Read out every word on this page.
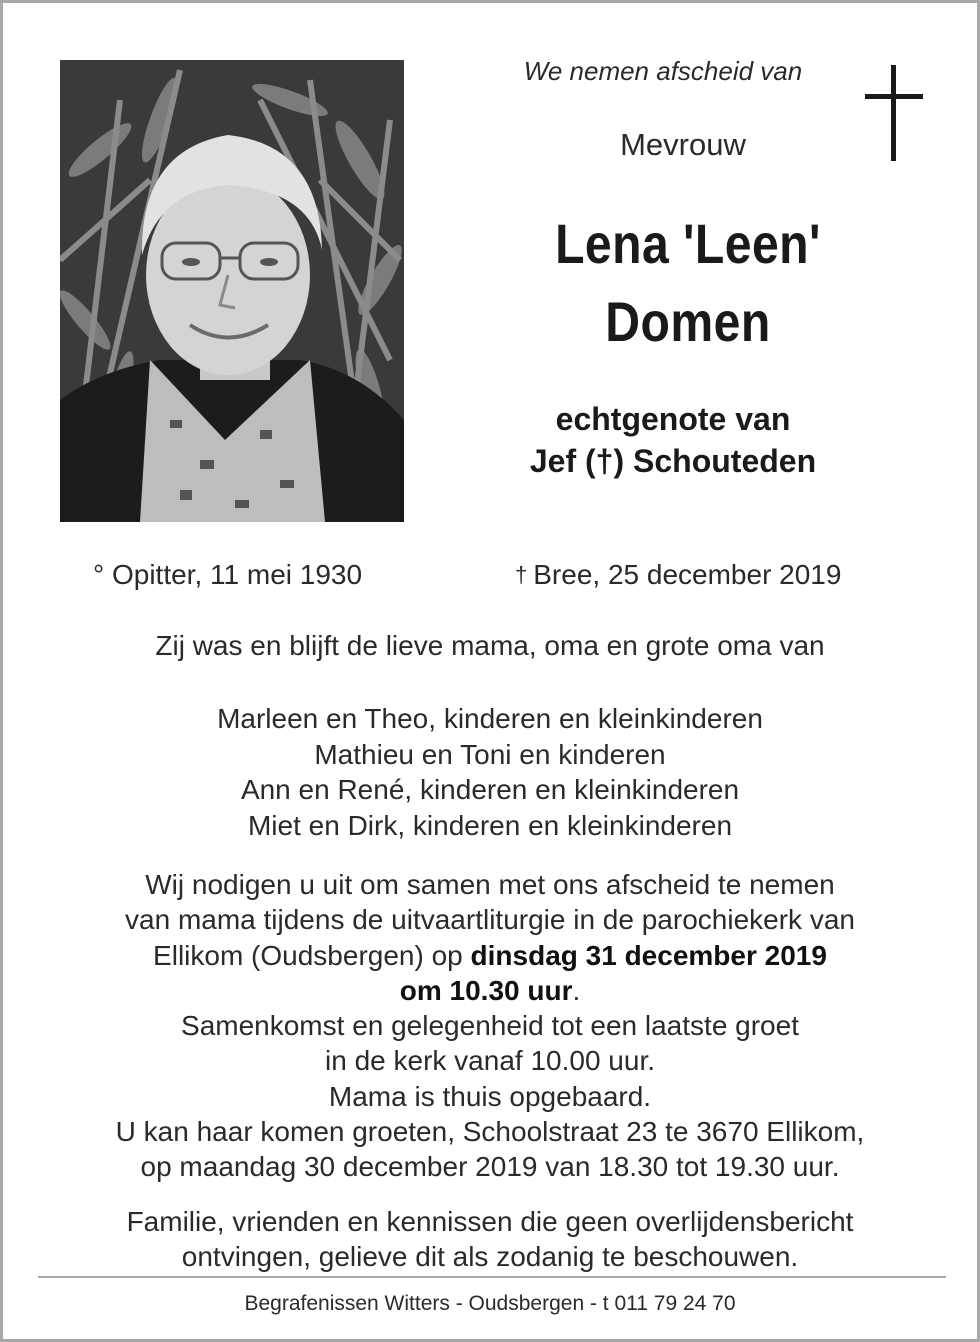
We nemen afscheid van
Mevrouw
Lena 'Leen'
Domen
echtgenote van
Jef (†) Schouteden
° Opitter, 11 mei 1930	† Bree, 25 december 2019
Zij was en blijft de lieve mama, oma en grote oma van
Marleen en Theo, kinderen en kleinkinderen
Mathieu en Toni en kinderen
Ann en René, kinderen en kleinkinderen
Miet en Dirk, kinderen en kleinkinderen
Wij nodigen u uit om samen met ons afscheid te nemen
van mama tijdens de uitvaartliturgie in de parochiekerk van
Ellikom (Oudsbergen) op dinsdag 31 december 2019
om 10.30 uur.
Samenkomst en gelegenheid tot een laatste groet
in de kerk vanaf 10.00 uur.
Mama is thuis opgebaard.
U kan haar komen groeten, Schoolstraat 23 te 3670 Ellikom,
op maandag 30 december 2019 van 18.30 tot 19.30 uur.
Familie, vrienden en kennissen die geen overlijdensbericht
ontvingen, gelieve dit als zodanig te beschouwen.
Begrafenissen Witters - Oudsbergen - t 011 79 24 70
